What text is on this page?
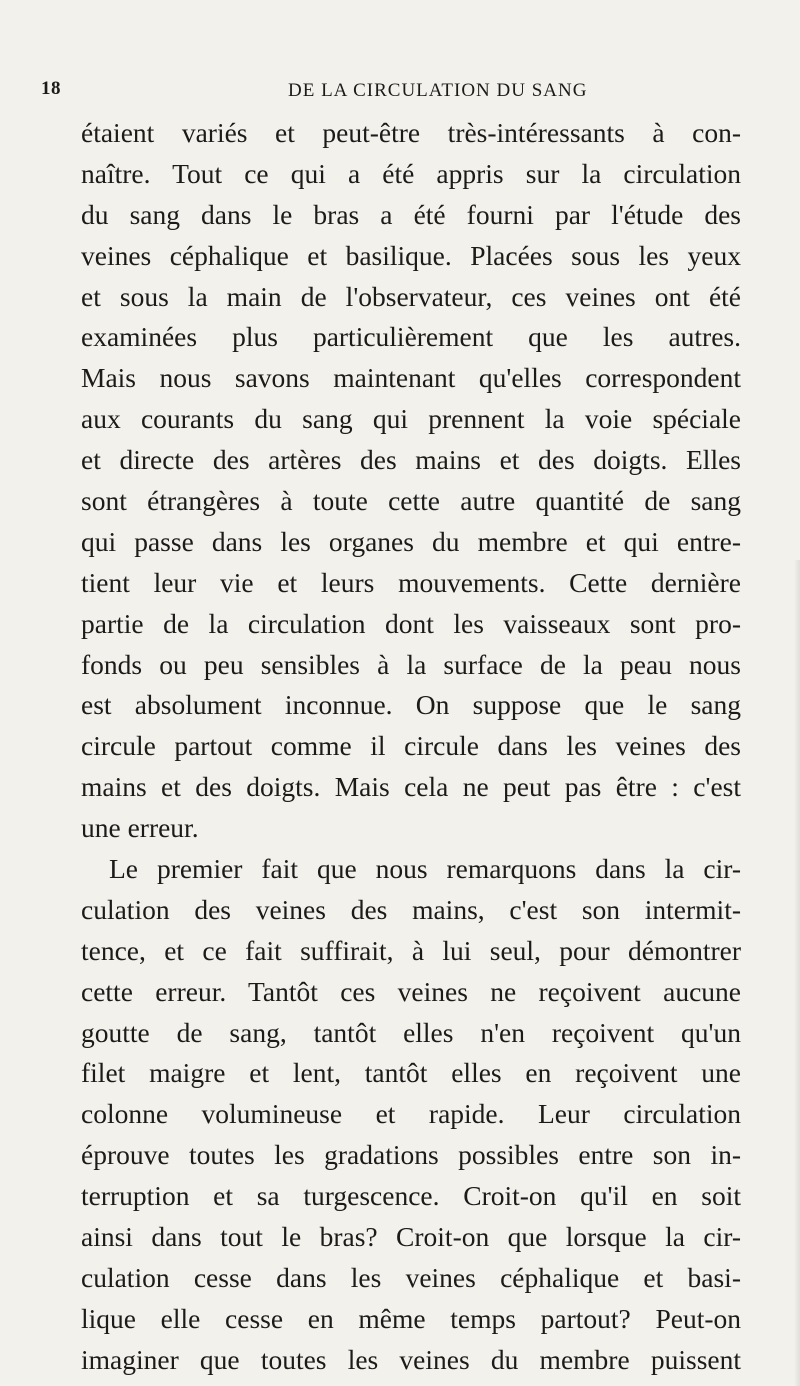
18	DE LA CIRCULATION DU SANG
étaient variés et peut-être très-intéressants à con-
naître. Tout ce qui a été appris sur la circulation
du sang dans le bras a été fourni par l'étude des
veines céphalique et basilique. Placées sous les yeux
et sous la main de l'observateur, ces veines ont été
examinées plus particulièrement que les autres.
Mais nous savons maintenant qu'elles correspondent
aux courants du sang qui prennent la voie spéciale
et directe des artères des mains et des doigts. Elles
sont étrangères à toute cette autre quantité de sang
qui passe dans les organes du membre et qui entre-
tient leur vie et leurs mouvements. Cette dernière
partie de la circulation dont les vaisseaux sont pro-
fonds ou peu sensibles à la surface de la peau nous
est absolument inconnue. On suppose que le sang
circule partout comme il circule dans les veines des
mains et des doigts. Mais cela ne peut pas être : c'est
une erreur.
Le premier fait que nous remarquons dans la cir-
culation des veines des mains, c'est son intermit-
tence, et ce fait suffirait, à lui seul, pour démontrer
cette erreur. Tantôt ces veines ne reçoivent aucune
goutte de sang, tantôt elles n'en reçoivent qu'un
filet maigre et lent, tantôt elles en reçoivent une
colonne volumineuse et rapide. Leur circulation
éprouve toutes les gradations possibles entre son in-
terruption et sa turgescence. Croit-on qu'il en soit
ainsi dans tout le bras? Croit-on que lorsque la cir-
culation cesse dans les veines céphalique et basi-
lique elle cesse en même temps partout? Peut-on
imaginer que toutes les veines du membre puissent
